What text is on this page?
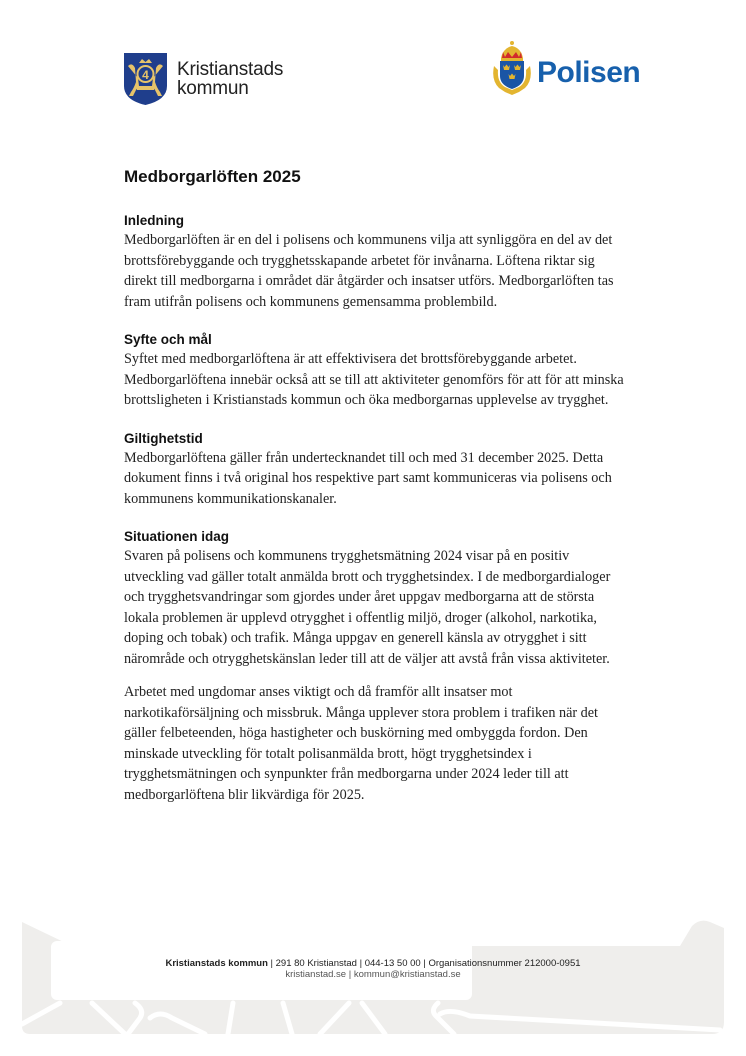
4 Kristianstads
kommun	Polisen
Medborgarlöften 2025
Inledning

Medborgarlöften är en del i polisens och kommunens vilja att synliggöra en del av det brottsförebyggande och trygghetsskapande arbetet för invånarna. Löftena riktar sig direkt till medborgarna i området där åtgärder och insatser utförs. Medborgarlöften tas fram utifrån polisens och kommunens gemensamma problembild.

Syfte och mål

Syftet med medborgarlöftena är att effektivisera det brottsförebyggande arbetet. Medborgarlöftena innebär också att se till att aktiviteter genomförs för att för att minska brottsligheten i Kristianstads kommun och öka medborgarnas upplevelse av trygghet.

Giltighetstid

Medborgarlöftena gäller från undertecknandet till och med 31 december 2025. Detta dokument finns i två original hos respektive part samt kommuniceras via polisens och kommunens kommunikationskanaler.

Situationen idag

Svaren på polisens och kommunens trygghetsmätning 2024 visar på en positiv utveckling vad gäller totalt anmälda brott och trygghetsindex. I de medborgardialoger och trygghetsvandringar som gjordes under året uppgav medborgarna att de största lokala problemen är upplevd otrygghet i offentlig miljö, droger (alkohol, narkotika, doping och tobak) och trafik. Många uppgav en generell känsla av otrygghet i sitt närområde och otrygghetskänslan leder till att de väljer att avstå från vissa aktiviteter.

Arbetet med ungdomar anses viktigt och då framför allt insatser mot narkotikaförsäljning och missbruk. Många upplever stora problem i trafiken när det gäller felbeteenden, höga hastigheter och buskörning med ombyggda fordon. Den minskade utveckling för totalt polisanmälda brott, högt trygghetsindex i trygghetsmätningen och synpunkter från medborgarna under 2024 leder till att medborgarlöftena blir likvärdiga för 2025.

Kristianstads kommun | 291 80 Kristianstad | 044-13 50 00 | Organisationsnummer 212000-0951
kristianstad.se | kommun@kristianstad.se
